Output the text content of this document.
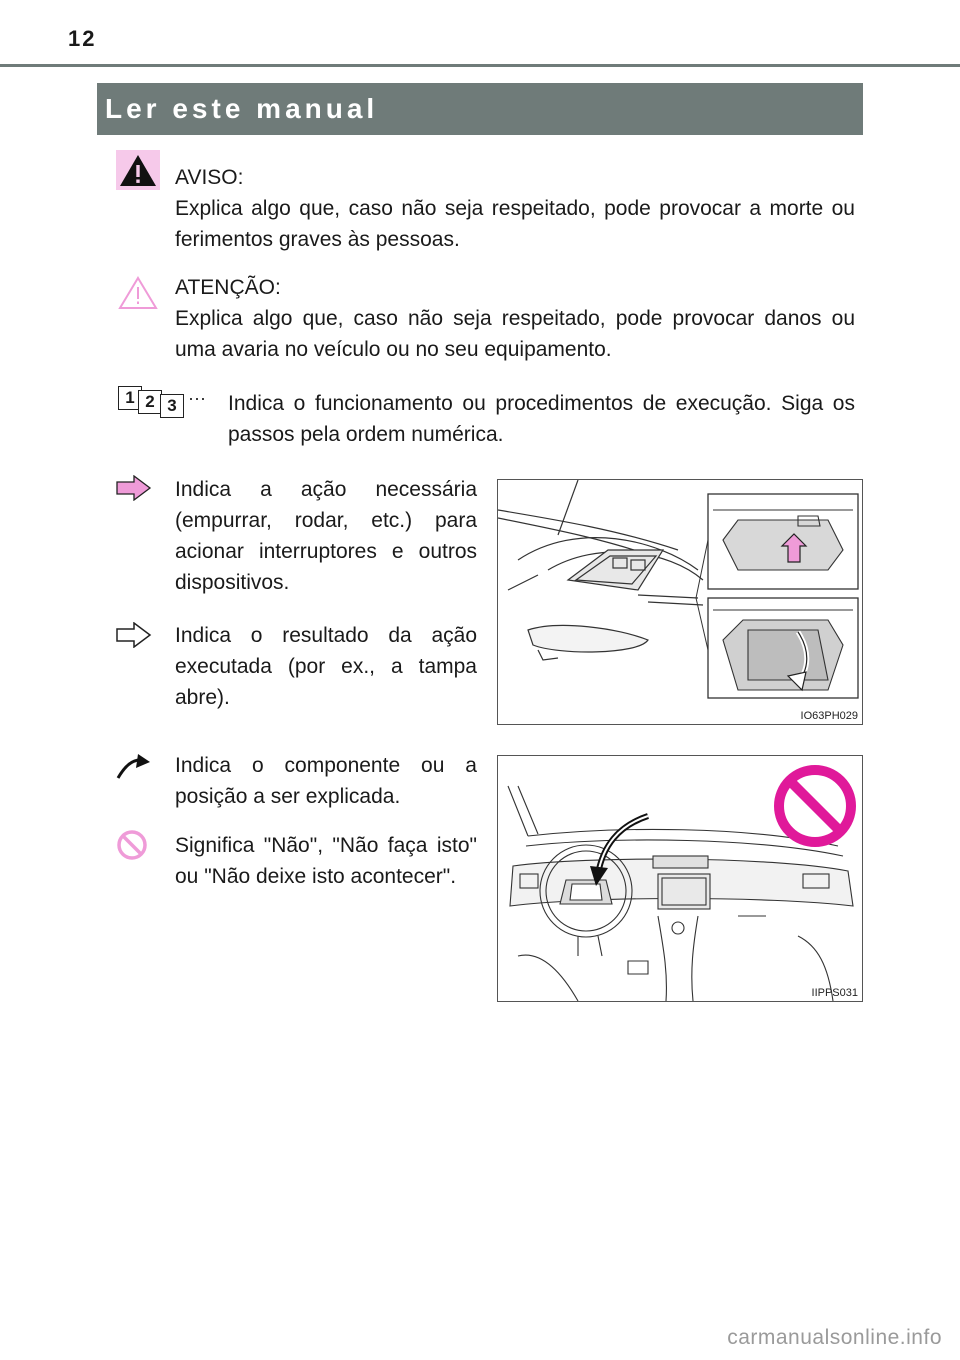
12
Ler este manual

AVISO:

Explica algo que, caso não seja respeitado, pode provocar a morte ou ferimentos graves às pessoas.

ATENÇÃO:

Explica algo que, caso não seja respeitado, pode provocar danos ou uma avaria no veículo ou no seu equipamento.

1 2 3 ··· Indica o funcionamento ou procedimentos de execução. Siga os passos pela ordem numérica.
Indica a ação necessária (empurrar, rodar, etc.) para acionar interruptores e outros dispositivos.
Indica o resultado da ação executada (por ex., a tampa abre).
IO63PH029
Indica o componente ou a posição a ser explicada.
Significa "Não", "Não faça isto" ou "Não deixe isto acontecer".
IIPPS031
carmanualsonline.info
